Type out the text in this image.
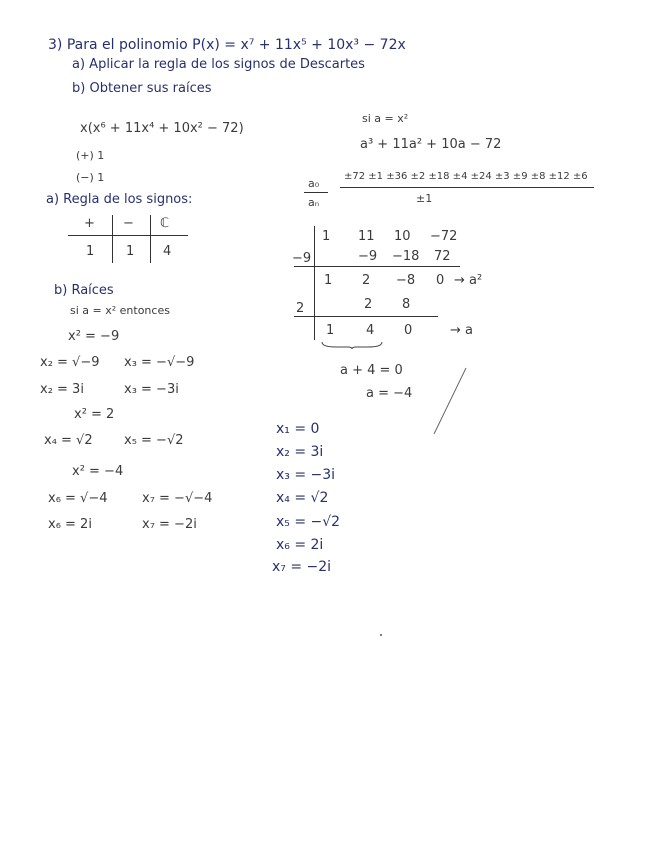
3) Para el polinomio P(x) = x⁷ + 11x⁵ + 10x³ − 72x
a) Aplicar la regla de los signos de Descartes
b) Obtener sus raíces
x(x⁶ + 11x⁴ + 10x² − 72)
(+) 1
(−) 1
a) Regla de los signos:
+ − ℂ
1 1 4
b) Raíces
si a = x² entonces
x² = −9
x₂ = √−9 x₃ = −√−9
x₂ = 3i	x₃ = −3i
x² = 2
x₄ = √2 x₅ = −√2
x² = −4
x₆ = √−4	x₇ = −√−4
x₆ = 2i	x₇ = −2i
si a = x²
a³ + 11a² + 10a − 72
a₀
aₙ
±72 ±1 ±36 ±2 ±18 ±4 ±24 ±3 ±9 ±8 ±12 ±6
±1
1 11 10 −72
−9	−9 −18 72
1 2 −8 0 → a²
2	2 8
1 4 0	→ a
a + 4 = 0
a = −4
x₁ = 0
x₂ = 3i
x₃ = −3i
x₄ = √2
x₅ = −√2
x₆ = 2i
x₇ = −2i
